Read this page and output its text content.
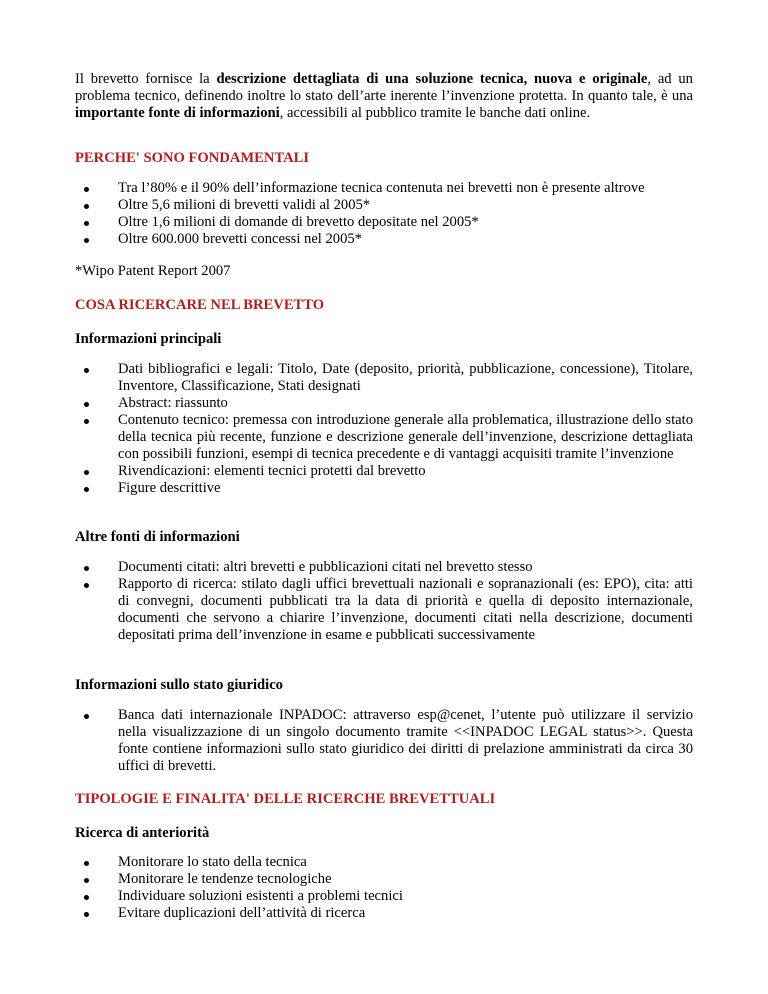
Il brevetto fornisce la descrizione dettagliata di una soluzione tecnica, nuova e originale, ad un problema tecnico, definendo inoltre lo stato dell’arte inerente l’invenzione protetta. In quanto tale, è una importante fonte di informazioni, accessibili al pubblico tramite le banche dati online.

PERCHE' SONO FONDAMENTALI
Tra l’80% e il 90% dell’informazione tecnica contenuta nei brevetti non è presente altrove
Oltre 5,6 milioni di brevetti validi al 2005*
Oltre 1,6 milioni di domande di brevetto depositate nel 2005*
Oltre 600.000 brevetti concessi nel 2005*

*Wipo Patent Report 2007

COSA RICERCARE NEL BREVETTO
Informazioni principali
Dati bibliografici e legali: Titolo, Date (deposito, priorità, pubblicazione, concessione), Titolare, Inventore, Classificazione, Stati designati
Abstract: riassunto
Contenuto tecnico: premessa con introduzione generale alla problematica, illustrazione dello stato della tecnica più recente, funzione e descrizione generale dell’invenzione, descrizione dettagliata con possibili funzioni, esempi di tecnica precedente e di vantaggi acquisiti tramite l’invenzione
Rivendicazioni: elementi tecnici protetti dal brevetto
Figure descrittive
Altre fonti di informazioni
Documenti citati: altri brevetti e pubblicazioni citati nel brevetto stesso
Rapporto di ricerca: stilato dagli uffici brevettuali nazionali e sopranazionali (es: EPO), cita: atti di convegni, documenti pubblicati tra la data di priorità e quella di deposito internazionale, documenti che servono a chiarire l’invenzione, documenti citati nella descrizione, documenti depositati prima dell’invenzione in esame e pubblicati successivamente
Informazioni sullo stato giuridico
Banca dati internazionale INPADOC: attraverso esp@cenet, l’utente può utilizzare il servizio nella visualizzazione di un singolo documento tramite <<INPADOC LEGAL status>>. Questa fonte contiene informazioni sullo stato giuridico dei diritti di prelazione amministrati da circa 30 uffici di brevetti.
TIPOLOGIE E FINALITA' DELLE RICERCHE BREVETTUALI
Ricerca di anteriorità
Monitorare lo stato della tecnica
Monitorare le tendenze tecnologiche
Individuare soluzioni esistenti a problemi tecnici
Evitare duplicazioni dell’attività di ricerca
